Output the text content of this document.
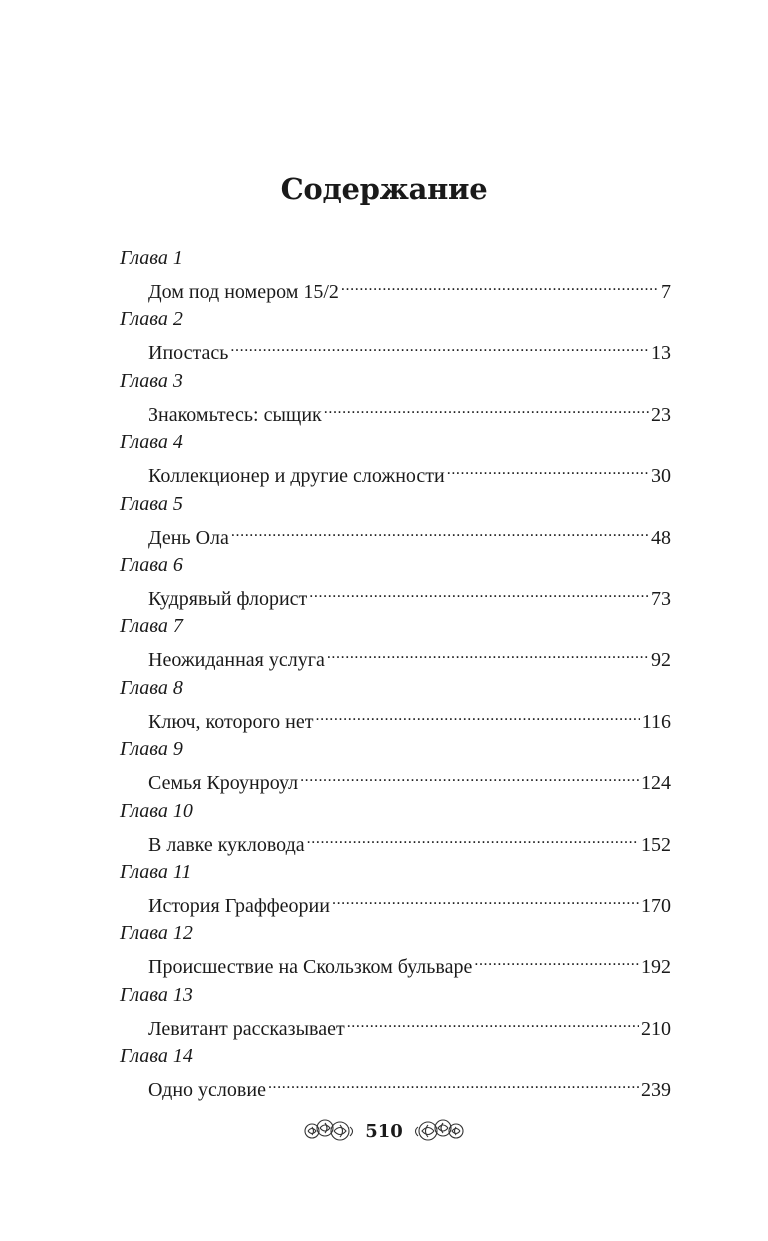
Содержание
Глава 1
Дом под номером 15/2 .....	7
Глава 2
Ипостась .....	13
Глава 3
Знакомьтесь: сыщик .....	23
Глава 4
Коллекционер и другие сложности .....	30
Глава 5
День Ола .....	48
Глава 6
Кудрявый флорист .....	73
Глава 7
Неожиданная услуга .....	92
Глава 8
Ключ, которого нет .....	116
Глава 9
Семья Кроунроул .....	124
Глава 10
В лавке кукловода .....	152
Глава 11
История Граффеории .....	170
Глава 12
Происшествие на Скользком бульваре .....	192
Глава 13
Левитант рассказывает .....	210
Глава 14
Одно условие .....	239
510
